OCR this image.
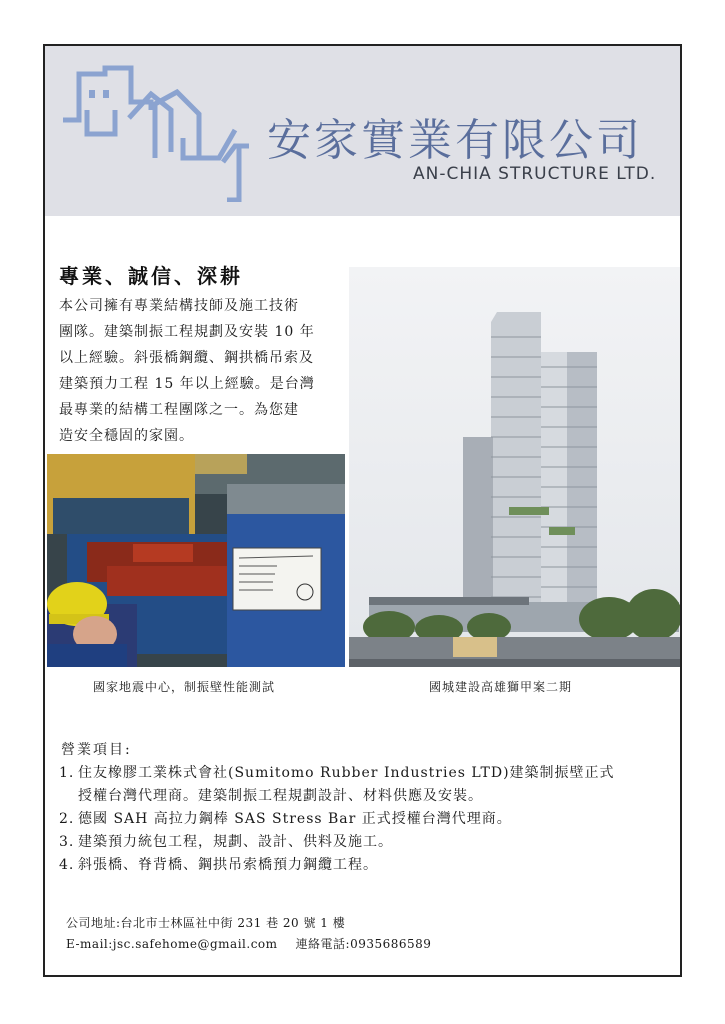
安家實業有限公司
AN-CHIA STRUCTURE LTD.
專業、誠信、深耕

本公司擁有專業結構技師及施工技術
團隊。建築制振工程規劃及安裝 10 年
以上經驗。斜張橋鋼纜、鋼拱橋吊索及
建築預力工程 15 年以上經驗。是台灣
最專業的結構工程團隊之一。為您建
造安全穩固的家園。

國家地震中心，制振壁性能測試	國城建設高雄獅甲案二期
營業項目:
1. 住友橡膠工業株式會社(Sumitomo Rubber Industries LTD)建築制振壁正式
授權台灣代理商。建築制振工程規劃設計、材料供應及安裝。
2. 德國 SAH 高拉力鋼棒 SAS Stress Bar 正式授權台灣代理商。
3. 建築預力統包工程，規劃、設計、供料及施工。
4. 斜張橋、脊背橋、鋼拱吊索橋預力鋼纜工程。
公司地址:台北市士林區社中街 231 巷 20 號 1 樓
E-mail:jsc.safehome@gmail.com 連絡電話:0935686589
